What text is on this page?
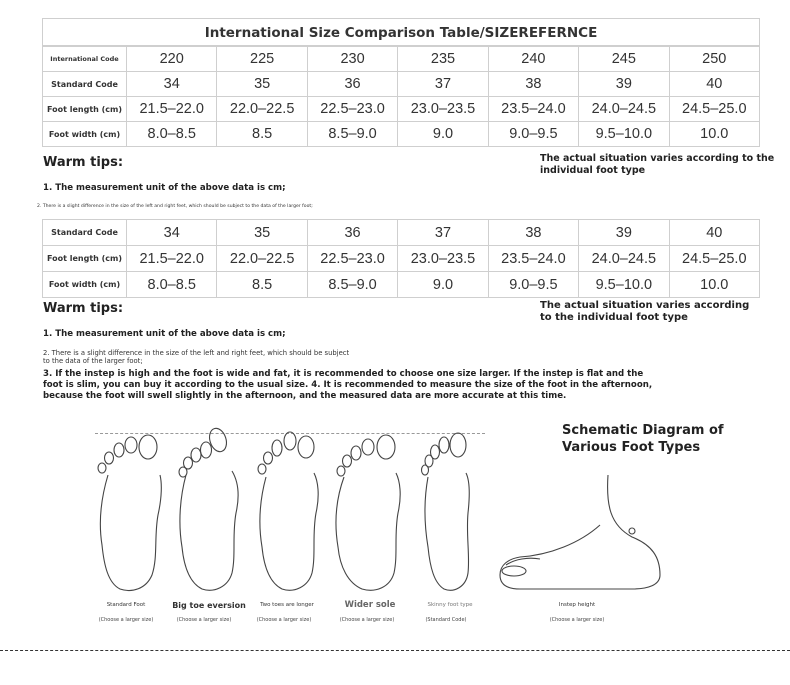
International Size Comparison Table/SIZEREFERNCE
International Code	220	225	230	235	240	245	250
Standard Code	34	35	36	37	38	39	40
Foot length (cm)	21.5–22.0	22.0–22.5	22.5–23.0	23.0–23.5	23.5–24.0	24.0–24.5	24.5–25.0
Foot width (cm)	8.0–8.5	8.5	8.5–9.0	9.0	9.0–9.5	9.5–10.0	10.0
Warm tips:	The actual situation varies according to the
individual foot type
1. The measurement unit of the above data is cm;
2. There is a slight difference in the size of the left and right feet, which should be subject to the data of the larger foot;
Standard Code	34	35	36	37	38	39	40
Foot length (cm)	21.5–22.0	22.0–22.5	22.5–23.0	23.0–23.5	23.5–24.0	24.0–24.5	24.5–25.0
Foot width (cm)	8.0–8.5	8.5	8.5–9.0	9.0	9.0–9.5	9.5–10.0	10.0
Warm tips:	The actual situation varies according
to the individual foot type
1. The measurement unit of the above data is cm;
2. There is a slight difference in the size of the left and right feet, which should be subject
to the data of the larger foot;
3. If the instep is high and the foot is wide and fat, it is recommended to choose one size larger. If the instep is flat and the
foot is slim, you can buy it according to the usual size. 4. It is recommended to measure the size of the foot in the afternoon,
because the foot will swell slightly in the afternoon, and the measured data are more accurate at this time.
Schematic Diagram of
Various Foot Types
Standard Foot
(Choose a larger size)
Big toe eversion
(Choose a larger size)
Two toes are longer
(Choose a larger size)
Wider sole
(Choose a larger size)
Skinny foot type
(Standard Code)
Instep height
(Choose a larger size)
